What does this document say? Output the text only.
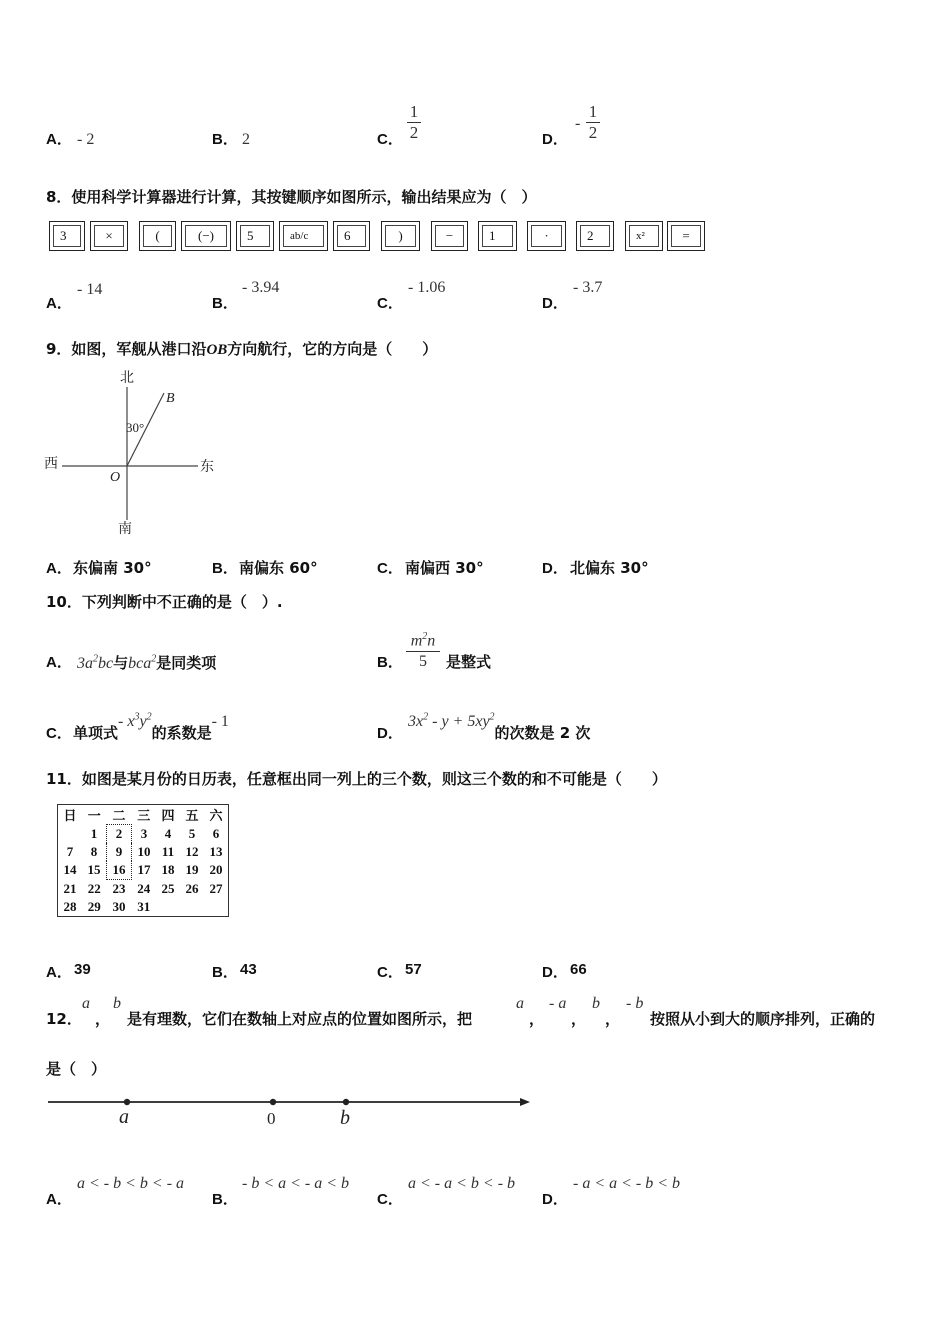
A． - 2	B． 2	C．
1
2	D．
-
1
2
8．使用科学计算器进行计算，其按键顺序如图所示，输出结果应为（　）
3	×	(	(−)	5	ab/c	6	)	−	1	·	2	x²	=
A．
- 14
B．
- 3.94
C．
- 1.06
D．
- 3.7
9．如图，军舰从港口沿OB方向航行，它的方向是（　　）
北
南
西	东
B
O
30°
A． 东偏南 30°	B． 南偏东 60°	C． 南偏西 30°	D． 北偏东 30°
10．下列判断中不正确的是（　）.
A． $3a^2bc$与bca$^2$是同类项	B．
$m^2n$
5 是整式
C． 单项式- $x^3y^2$的系数是- 1
D．
$3x^2 - y + 5xy^2$的次数是 2 次
11．如图是某月份的日历表，任意框出同一列上的三个数，则这三个数的和不可能是（　　）
日	一	二	三	四	五	六
	1	2	3	4	5	6
7	8	9	10	11	12	13
14	15	16	17	18	19	20
21	22	23	24	25	26	27
28	29	30	31			
A． 39	B． 43	C． 57	D． 66
12．
a
，
b
是有理数，它们在数轴上对应点的位置如图所示，把
a
，
- a
，
b
，
- b
按照从小到大的顺序排列，正确的
是（　）
a	0	b
A．
a < - b < b < - a
B．
- b < a < - a < b
C．
a < - a < b < - b
D．
- a < a < - b < b
